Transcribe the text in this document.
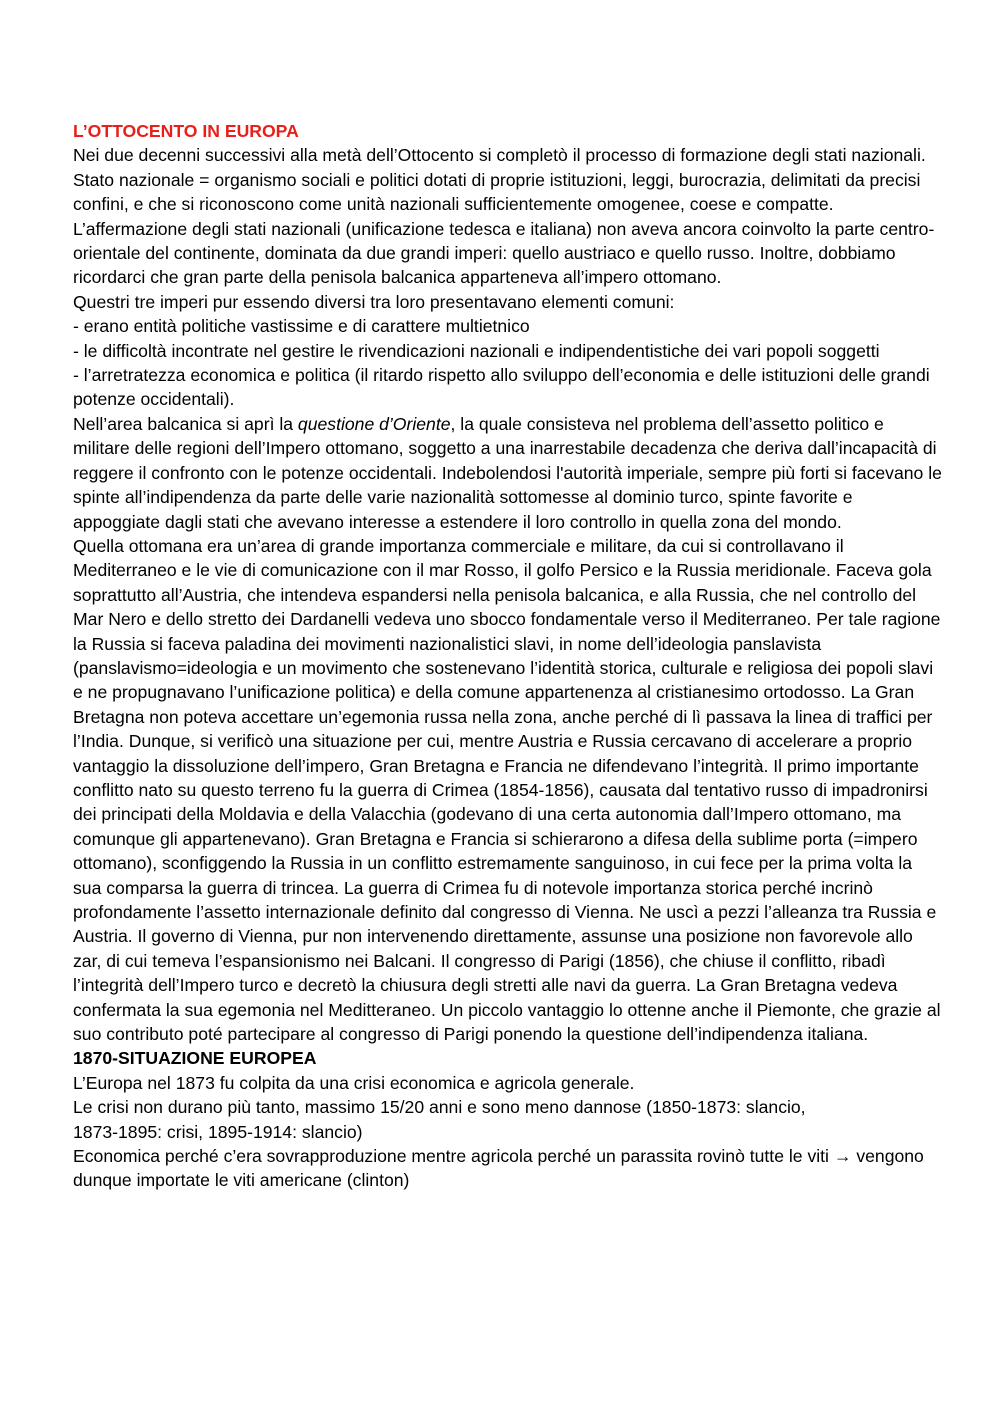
L’OTTOCENTO IN EUROPA

Nei due decenni successivi alla metà dell’Ottocento si completò il processo di formazione degli stati nazionali.

Stato nazionale = organismo sociali e politici dotati di proprie istituzioni, leggi, burocrazia, delimitati da precisi confini, e che si riconoscono come unità nazionali sufficientemente omogenee, coese e compatte.

L’affermazione degli stati nazionali (unificazione tedesca e italiana) non aveva ancora coinvolto la parte centro-orientale del continente, dominata da due grandi imperi: quello austriaco e quello russo. Inoltre, dobbiamo ricordarci che gran parte della penisola balcanica apparteneva all’impero ottomano.

Questri tre imperi pur essendo diversi tra loro presentavano elementi comuni:

- erano entità politiche vastissime e di carattere multietnico

- le difficoltà incontrate nel gestire le rivendicazioni nazionali e indipendentistiche dei vari popoli soggetti

- l’arretratezza economica e politica (il ritardo rispetto allo sviluppo dell’economia e delle istituzioni delle grandi potenze occidentali).

Nell’area balcanica si aprì la questione d’Oriente, la quale consisteva nel problema dell’assetto politico e militare delle regioni dell’Impero ottomano, soggetto a una inarrestabile decadenza che deriva dall’incapacità di reggere il confronto con le potenze occidentali. Indebolendosi l'autorità imperiale, sempre più forti si facevano le spinte all’indipendenza da parte delle varie nazionalità sottomesse al dominio turco, spinte favorite e appoggiate dagli stati che avevano interesse a estendere il loro controllo in quella zona del mondo.

Quella ottomana era un’area di grande importanza commerciale e militare, da cui si controllavano il Mediterraneo e le vie di comunicazione con il mar Rosso, il golfo Persico e la Russia meridionale. Faceva gola soprattutto all’Austria, che intendeva espandersi nella penisola balcanica, e alla Russia, che nel controllo del Mar Nero e dello stretto dei Dardanelli vedeva uno sbocco fondamentale verso il Mediterraneo. Per tale ragione la Russia si faceva paladina dei movimenti nazionalistici slavi, in nome dell’ideologia panslavista (panslavismo=ideologia e un movimento che sostenevano l’identità storica, culturale e religiosa dei popoli slavi e ne propugnavano l’unificazione politica) e della comune appartenenza al cristianesimo ortodosso. La Gran Bretagna non poteva accettare un’egemonia russa nella zona, anche perché di lì passava la linea di traffici per l’India. Dunque, si verificò una situazione per cui, mentre Austria e Russia cercavano di accelerare a proprio vantaggio la dissoluzione dell’impero, Gran Bretagna e Francia ne difendevano l’integrità. Il primo importante conflitto nato su questo terreno fu la guerra di Crimea (1854-1856), causata dal tentativo russo di impadronirsi dei principati della Moldavia e della Valacchia (godevano di una certa autonomia dall’Impero ottomano, ma comunque gli appartenevano). Gran Bretagna e Francia si schierarono a difesa della sublime porta (=impero ottomano), sconfiggendo la Russia in un conflitto estremamente sanguinoso, in cui fece per la prima volta la sua comparsa la guerra di trincea. La guerra di Crimea fu di notevole importanza storica perché incrinò profondamente l’assetto internazionale definito dal congresso di Vienna. Ne uscì a pezzi l’alleanza tra Russia e Austria. Il governo di Vienna, pur non intervenendo direttamente, assunse una posizione non favorevole allo zar, di cui temeva l’espansionismo nei Balcani. Il congresso di Parigi (1856), che chiuse il conflitto, ribadì l’integrità dell’Impero turco e decretò la chiusura degli stretti alle navi da guerra. La Gran Bretagna vedeva confermata la sua egemonia nel Meditteraneo. Un piccolo vantaggio lo ottenne anche il Piemonte, che grazie al suo contributo poté partecipare al congresso di Parigi ponendo la questione dell’indipendenza italiana.

1870-SITUAZIONE EUROPEA

L’Europa nel 1873 fu colpita da una crisi economica e agricola generale.

Le crisi non durano più tanto, massimo 15/20 anni e sono meno dannose (1850-1873: slancio,
1873-1895: crisi, 1895-1914: slancio)

Economica perché c’era sovrapproduzione mentre agricola perché un parassita rovinò tutte le viti → vengono dunque importate le viti americane (clinton)
